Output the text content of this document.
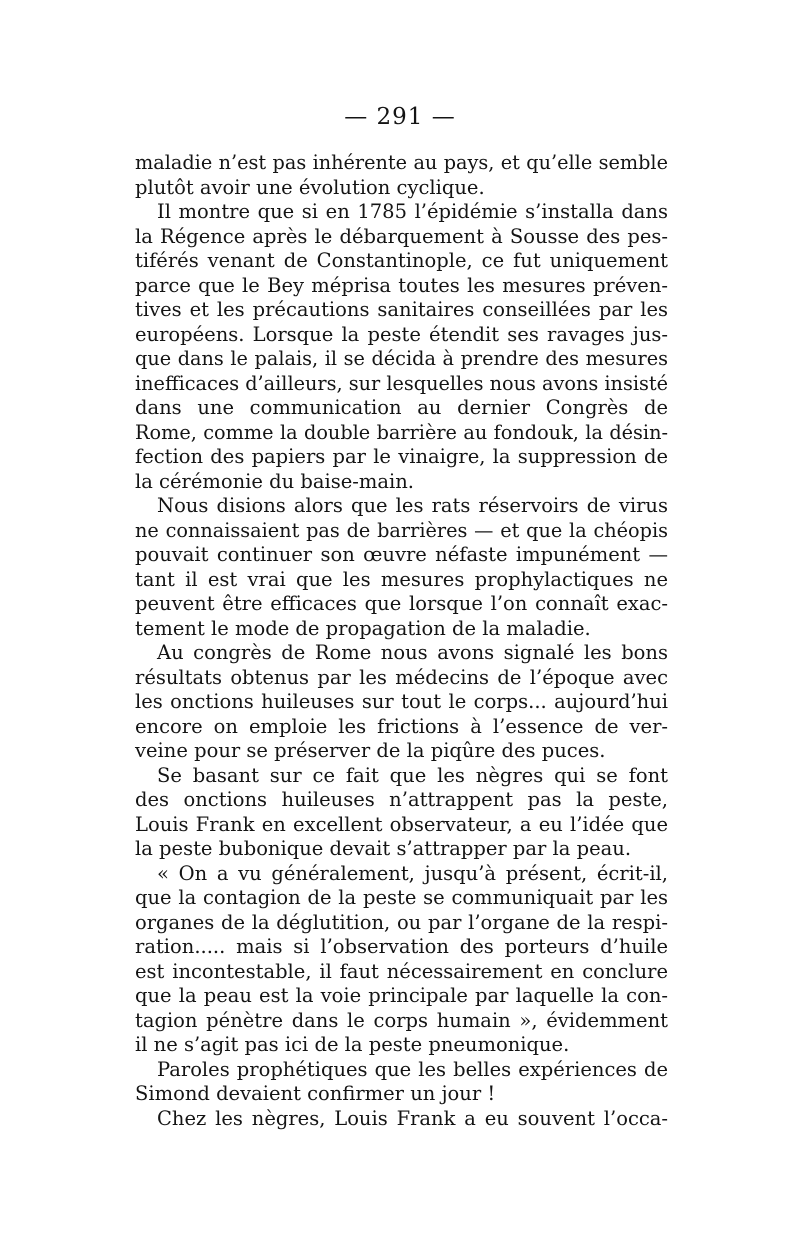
— 291 —
maladie n’est pas inhérente au pays, et qu’elle semble
plutôt avoir une évolution cyclique.
Il montre que si en 1785 l’épidémie s’installa dans
la Régence après le débarquement à Sousse des pes-
tiférés venant de Constantinople, ce fut uniquement
parce que le Bey méprisa toutes les mesures préven-
tives et les précautions sanitaires conseillées par les
européens. Lorsque la peste étendit ses ravages jus-
que dans le palais, il se décida à prendre des mesures
inefficaces d’ailleurs, sur lesquelles nous avons insisté
dans une communication au dernier Congrès de
Rome, comme la double barrière au fondouk, la désin-
fection des papiers par le vinaigre, la suppression de
la cérémonie du baise-main.
Nous disions alors que les rats réservoirs de virus
ne connaissaient pas de barrières — et que la chéopis
pouvait continuer son œuvre néfaste impunément —
tant il est vrai que les mesures prophylactiques ne
peuvent être efficaces que lorsque l’on connaît exac-
tement le mode de propagation de la maladie.
Au congrès de Rome nous avons signalé les bons
résultats obtenus par les médecins de l’époque avec
les onctions huileuses sur tout le corps... aujourd’hui
encore on emploie les frictions à l’essence de ver-
veine pour se préserver de la piqûre des puces.
Se basant sur ce fait que les nègres qui se font
des onctions huileuses n’attrappent pas la peste,
Louis Frank en excellent observateur, a eu l’idée que
la peste bubonique devait s’attrapper par la peau.
« On a vu généralement, jusqu’à présent, écrit-il,
que la contagion de la peste se communiquait par les
organes de la déglutition, ou par l’organe de la respi-
ration..... mais si l’observation des porteurs d’huile
est incontestable, il faut nécessairement en conclure
que la peau est la voie principale par laquelle la con-
tagion pénètre dans le corps humain », évidemment
il ne s’agit pas ici de la peste pneumonique.
Paroles prophétiques que les belles expériences de
Simond devaient confirmer un jour !
Chez les nègres, Louis Frank a eu souvent l’occa-
